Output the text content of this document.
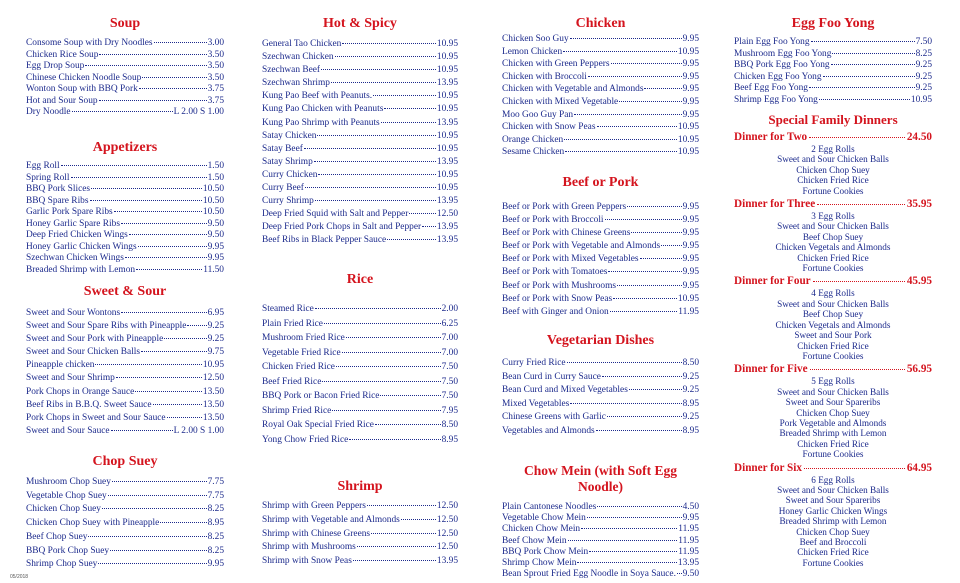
Soup
Consome Soup with Dry Noodles	3.00
Chicken Rice Soup	3.50
Egg Drop Soup	3.50
Chinese Chicken Noodle Soup	3.50
Wonton Soup with BBQ Pork	3.75
Hot and Sour Soup	3.75
Dry Noodle	L 2.00 S 1.00
Appetizers
Egg Roll	1.50
Spring Roll	1.50
BBQ Pork Slices	10.50
BBQ Spare Ribs	10.50
Garlic Pork Spare Ribs	10.50
Honey Garlic Spare Ribs	9.50
Deep Fried Chicken Wings	9.50
Honey Garlic Chicken Wings	9.95
Szechwan Chicken Wings	9.95
Breaded Shrimp with Lemon	11.50
Sweet & Sour
Sweet and Sour Wontons	6.95
Sweet and Sour Spare Ribs with Pineapple 9.25
Sweet and Sour Pork with Pineapple	9.25
Sweet and Sour Chicken Balls	9.75
Pineapple chicken	10.95
Sweet and Sour Shrimp	12.50
Pork Chops in Orange Sauce	13.50
Beef Ribs in B.B.Q. Sweet Sauce	13.50
Pork Chops in Sweet and Sour Sauce	13.50
Sweet and Sour Sauce	L 2.00 S 1.00
Chop Suey
Mushroom Chop Suey	7.75
Vegetable Chop Suey	7.75
Chicken Chop Suey	8.25
Chicken Chop Suey with Pineapple	8.95
Beef Chop Suey	8.25
BBQ Pork Chop Suey	8.25
Shrimp Chop Suey	9.95
Hot & Spicy
General Tao Chicken	10.95
Szechwan Chicken	10.95
Szechwan Beef	10.95
Szechwan Shrimp	13.95
Kung Pao Beef with Peanuts.	10.95
Kung Pao Chicken with Peanuts	10.95
Kung Pao Shrimp with Peanuts	13.95
Satay Chicken	10.95
Satay Beef	10.95
Satay Shrimp	13.95
Curry Chicken	10.95
Curry Beef	10.95
Curry Shrimp	13.95
Deep Fried Squid with Salt and Pepper	12.50
Deep Fried Pork Chops in Salt and Pepper 13.95
Beef Ribs in Black Pepper Sauce	13.95
Rice
Steamed Rice	2.00
Plain Fried Rice	6.25
Mushroom Fried Rice	7.00
Vegetable Fried Rice	7.00
Chicken Fried Rice	7.50
Beef Fried Rice	7.50
BBQ Pork or Bacon Fried Rice	7.50
Shrimp Fried Rice	7.95
Royal Oak Special Fried Rice	8.50
Yong Chow Fried Rice	8.95
Shrimp
Shrimp with Green Peppers	12.50
Shrimp with Vegetable and Almonds	12.50
Shrimp with Chinese Greens	12.50
Shrimp with Mushrooms	12.50
Shrimp with Snow Peas	13.95
Chicken
Chicken Soo Guy	9.95
Lemon Chicken	10.95
Chicken with Green Peppers	9.95
Chicken with Broccoli	9.95
Chicken with Vegetable and Almonds	9.95
Chicken with Mixed Vegetable	9.95
Moo Goo Guy Pan	9.95
Chicken with Snow Peas	10.95
Orange Chicken	10.95
Sesame Chicken	10.95
Beef or Pork
Beef or Pork with Green Peppers	9.95
Beef or Pork with Broccoli	9.95
Beef or Pork with Chinese Greens	9.95
Beef or Pork with Vegetable and Almonds 9.95
Beef or Pork with Mixed Vegetables	9.95
Beef or Pork with Tomatoes	9.95
Beef or Pork with Mushrooms	9.95
Beef or Pork with Snow Peas	10.95
Beef with Ginger and Onion	11.95
Vegetarian Dishes
Curry Fried Rice	8.50
Bean Curd in Curry Sauce	9.25
Bean Curd and Mixed Vegetables	9.25
Mixed Vegetables	8.95
Chinese Greens with Garlic	9.25
Vegetables and Almonds	8.95
Chow Mein (with Soft Egg Noodle)
Plain Cantonese Noodles	4.50
Vegetable Chow Mein	9.95
Chicken Chow Mein	11.95
Beef Chow Mein	11.95
BBQ Pork Chow Mein	11.95
Shrimp Chow Mein	13.95
Bean Sprout Fried Egg Noodle in Soya Sauce. 9.50
Egg Foo Yong
Plain Egg Foo Yong	7.50
Mushroom Egg Foo Yong	8.25
BBQ Pork Egg Foo Yong	9.25
Chicken Egg Foo Yong	9.25
Beef Egg Foo Yong	9.25
Shrimp Egg Foo Yong	10.95
Special Family Dinners
Dinner for Two	24.50
2 Egg Rolls
Sweet and Sour Chicken Balls
Chicken Chop Suey
Chicken Fried Rice
Fortune Cookies
Dinner for Three	35.95
3 Egg Rolls
Sweet and Sour Chicken Balls
Beef Chop Suey
Chicken Vegetals and Almonds
Chicken Fried Rice
Fortune Cookies
Dinner for Four	45.95
4 Egg Rolls
Sweet and Sour Chicken Balls
Beef Chop Suey
Chicken Vegetals and Almonds
Sweet and Sour Pork
Chicken Fried Rice
Fortune Cookies
Dinner for Five	56.95
5 Egg Rolls
Sweet and Sour Chicken Balls
Sweet and Sour Spareribs
Chicken Chop Suey
Pork Vegetable and Almonds
Breaded Shrimp with Lemon
Chicken Fried Rice
Fortune Cookies
Dinner for Six	64.95
6 Egg Rolls
Sweet and Sour Chicken Balls
Sweet and Sour Spareribs
Honey Garlic Chicken Wings
Breaded Shrimp with Lemon
Chicken Chop Suey
Beef and Broccoli
Chicken Fried Rice
Fortune Cookies
05/2018
